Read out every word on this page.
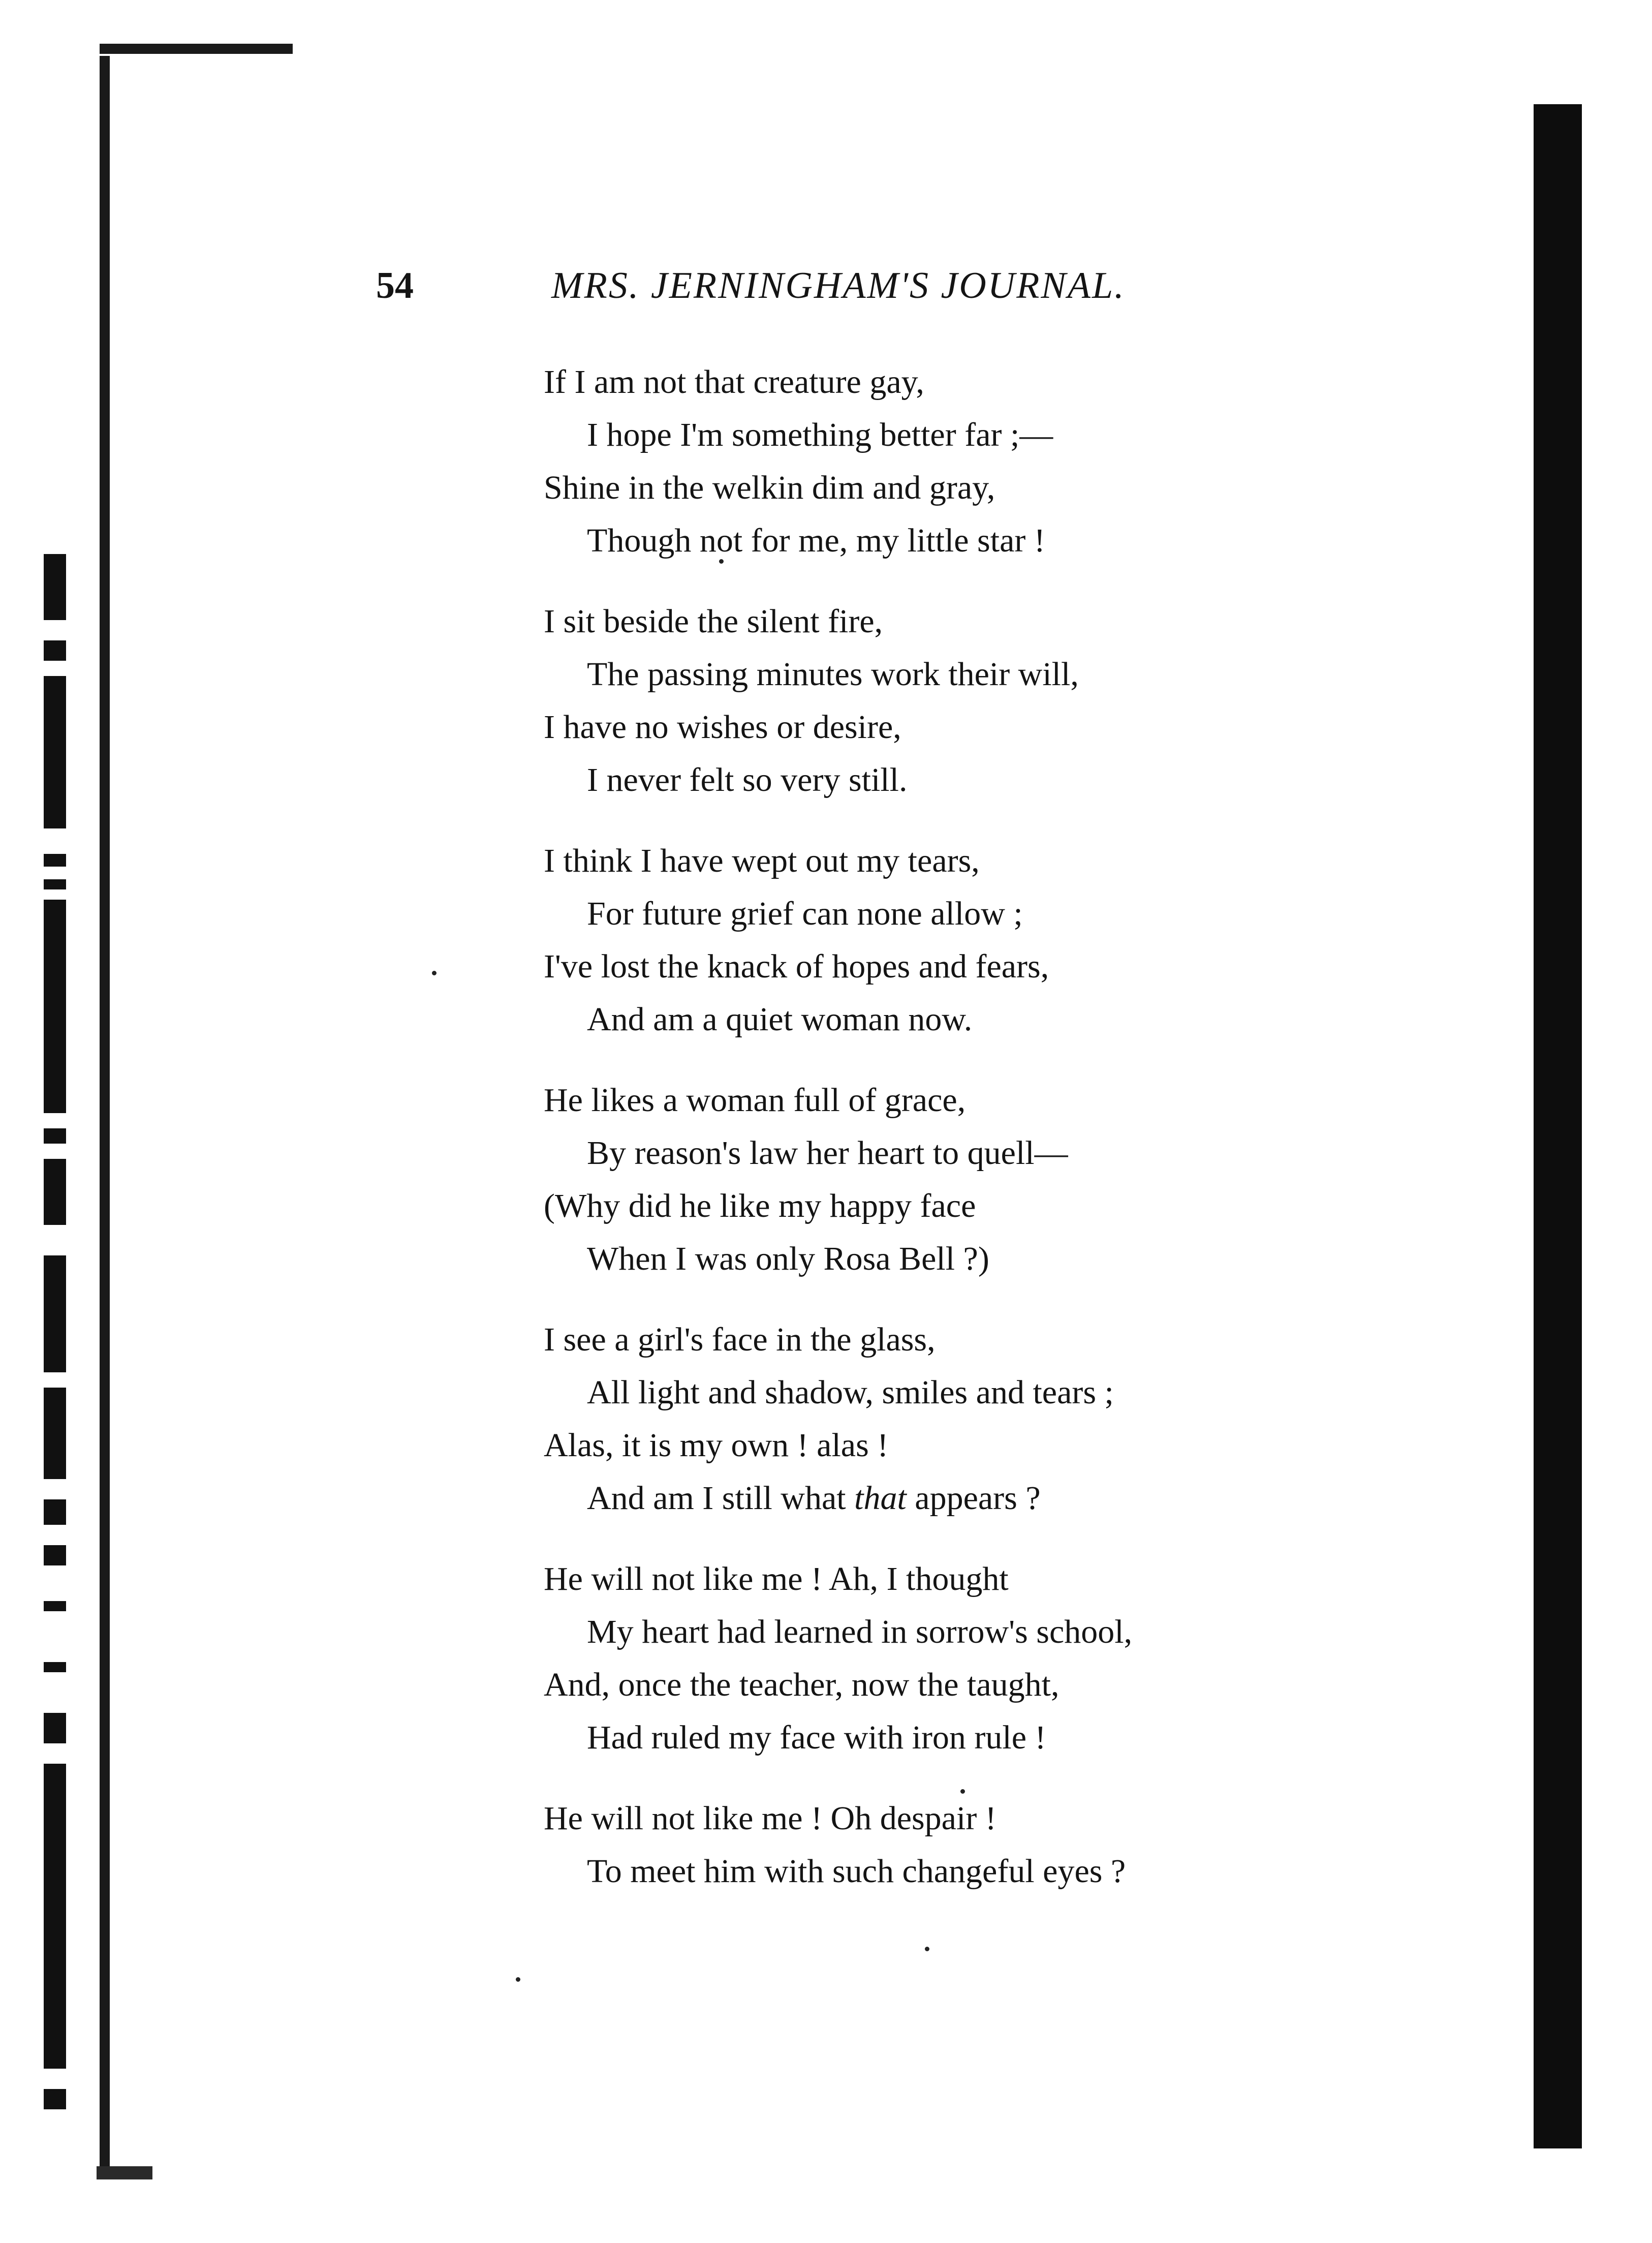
54	MRS. JERNINGHAM'S JOURNAL.
If I am not that creature gay,
I hope I'm something better far ;—
Shine in the welkin dim and gray,
Though not for me, my little star !
I sit beside the silent fire,
The passing minutes work their will,
I have no wishes or desire,
I never felt so very still.
I think I have wept out my tears,
For future grief can none allow ;
I've lost the knack of hopes and fears,
And am a quiet woman now.
He likes a woman full of grace,
By reason's law her heart to quell—
(Why did he like my happy face
When I was only Rosa Bell ?)
I see a girl's face in the glass,
All light and shadow, smiles and tears ;
Alas, it is my own ! alas !
And am I still what that appears ?
He will not like me ! Ah, I thought
My heart had learned in sorrow's school,
And, once the teacher, now the taught,
Had ruled my face with iron rule !
He will not like me ! Oh despair !
To meet him with such changeful eyes ?
